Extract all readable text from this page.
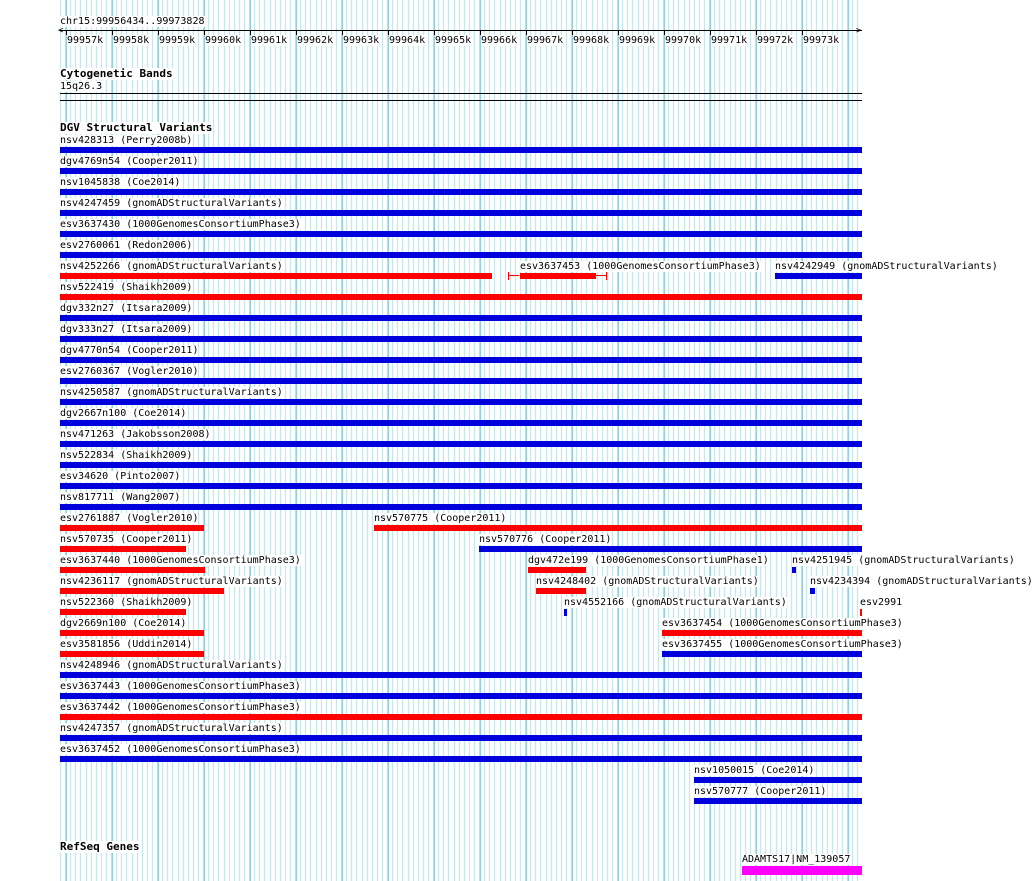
chr15:99956434..99973828
<	>
99957k 99958k 99959k 99960k 99961k 99962k 99963k 99964k 99965k 99966k 99967k 99968k 99969k 99970k 99971k 99972k 99973k
Cytogenetic Bands
15q26.3
DGV Structural Variants
nsv428313 (Perry2008b)
dgv4769n54 (Cooper2011)
nsv1045838 (Coe2014)
nsv4247459 (gnomADStructuralVariants)
esv3637430 (1000GenomesConsortiumPhase3)
esv2760061 (Redon2006)
nsv4252266 (gnomADStructuralVariants)	esv3637453 (1000GenomesConsortiumPhase3) nsv4242949 (gnomADStructuralVariants)
nsv522419 (Shaikh2009)
dgv332n27 (Itsara2009)
dgv333n27 (Itsara2009)
dgv4770n54 (Cooper2011)
esv2760367 (Vogler2010)
nsv4250587 (gnomADStructuralVariants)
dgv2667n100 (Coe2014)
nsv471263 (Jakobsson2008)
nsv522834 (Shaikh2009)
esv34620 (Pinto2007)
nsv817711 (Wang2007)
esv2761887 (Vogler2010)	nsv570775 (Cooper2011)
nsv570735 (Cooper2011)	nsv570776 (Cooper2011)
esv3637440 (1000GenomesConsortiumPhase3)	dgv472e199 (1000GenomesConsortiumPhase1) nsv4251945 (gnomADStructuralVariants)
nsv4236117 (gnomADStructuralVariants)	nsv4248402 (gnomADStructuralVariants)	nsv4234394 (gnomADStructuralVariants)
nsv522360 (Shaikh2009)	nsv4552166 (gnomADStructuralVariants)	esv2991
dgv2669n100 (Coe2014)	esv3637454 (1000GenomesConsortiumPhase3)
esv3581856 (Uddin2014)	esv3637455 (1000GenomesConsortiumPhase3)
nsv4248946 (gnomADStructuralVariants)
esv3637443 (1000GenomesConsortiumPhase3)
esv3637442 (1000GenomesConsortiumPhase3)
nsv4247357 (gnomADStructuralVariants)
esv3637452 (1000GenomesConsortiumPhase3)
nsv1050015 (Coe2014)
nsv570777 (Cooper2011)
RefSeq Genes
ADAMTS17|NM_139057
